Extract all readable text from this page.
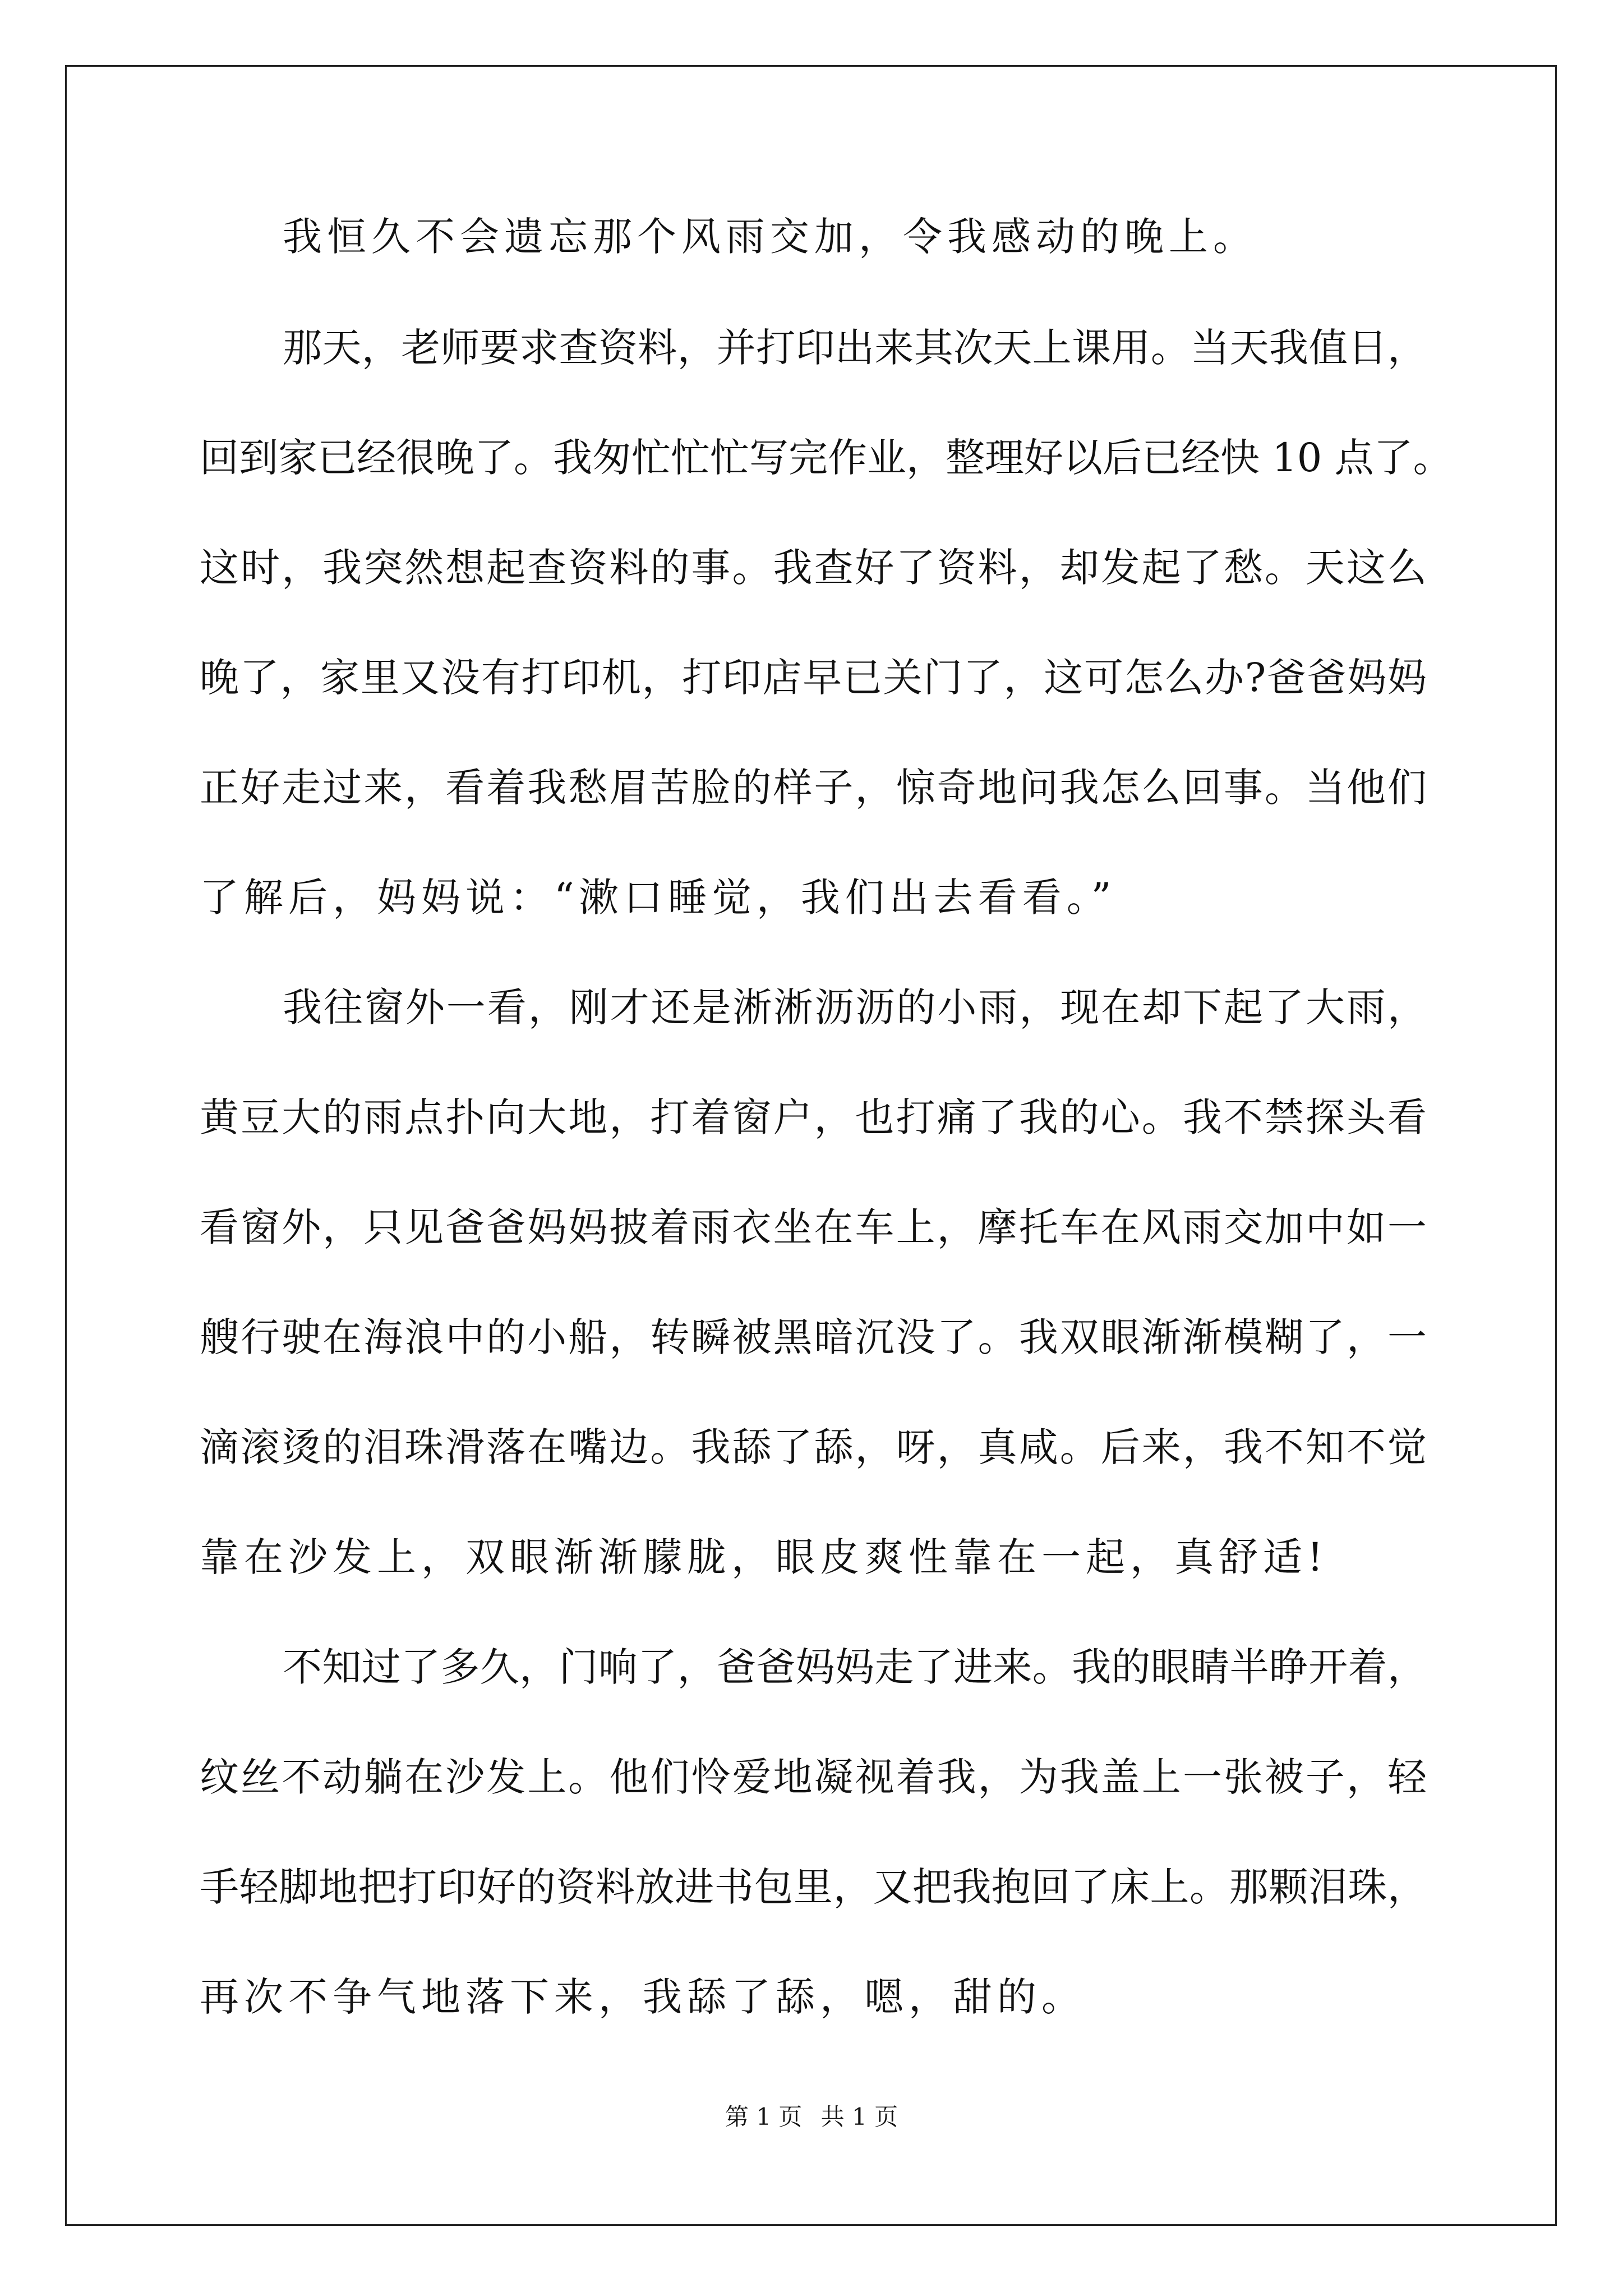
我恒久不会遗忘那个风雨交加，令我感动的晚上。
那天，老师要求查资料，并打印出来其次天上课用。当天我值日，
回到家已经很晚了。我匆忙忙忙写完作业，整理好以后已经快 10 点了。
这时，我突然想起查资料的事。我查好了资料，却发起了愁。天这么
晚了，家里又没有打印机，打印店早已关门了，这可怎么办?爸爸妈妈
正好走过来，看着我愁眉苦脸的样子，惊奇地问我怎么回事。当他们
了解后，妈妈说：“漱口睡觉，我们出去看看。”
我往窗外一看，刚才还是淅淅沥沥的小雨，现在却下起了大雨，
黄豆大的雨点扑向大地，打着窗户，也打痛了我的心。我不禁探头看
看窗外，只见爸爸妈妈披着雨衣坐在车上，摩托车在风雨交加中如一
艘行驶在海浪中的小船，转瞬被黑暗沉没了。我双眼渐渐模糊了，一
滴滚烫的泪珠滑落在嘴边。我舔了舔，呀，真咸。后来，我不知不觉
靠在沙发上，双眼渐渐朦胧，眼皮爽性靠在一起，真舒适!
不知过了多久，门响了，爸爸妈妈走了进来。我的眼睛半睁开着，
纹丝不动躺在沙发上。他们怜爱地凝视着我，为我盖上一张被子，轻
手轻脚地把打印好的资料放进书包里，又把我抱回了床上。那颗泪珠，
再次不争气地落下来，我舔了舔，嗯，甜的。
第 1 页 共 1 页
